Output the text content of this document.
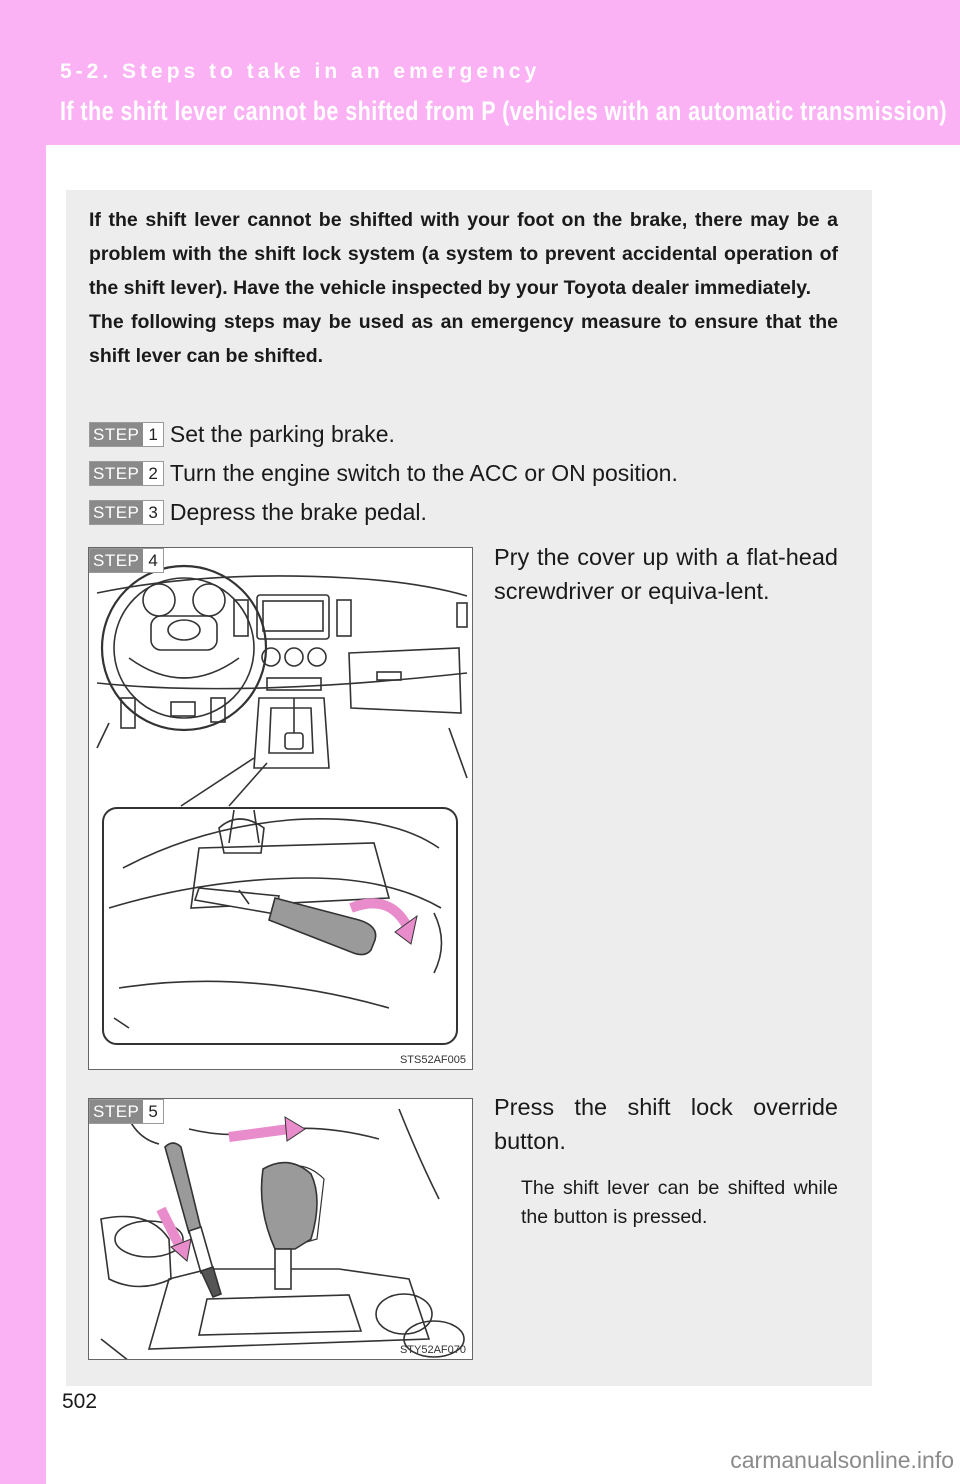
5-2. Steps to take in an emergency
If the shift lever cannot be shifted from P (vehicles with an automatic transmission)

If the shift lever cannot be shifted with your foot on the brake, there may be a problem with the shift lock system (a system to prevent accidental operation of the shift lever). Have the vehicle inspected by your Toyota dealer immediately.

The following steps may be used as an emergency measure to ensure that the shift lever can be shifted.

STEP 1 Set the parking brake.
STEP 2 Turn the engine switch to the ACC or ON position.
STEP 3 Depress the brake pedal.
STEP 4
STS52AF005
Pry the cover up with a flat-head screwdriver or equiva-lent.
STEP 5
STY52AF070
Press the shift lock override button.
The shift lever can be shifted while the button is pressed.
502
carmanualsonline.info
